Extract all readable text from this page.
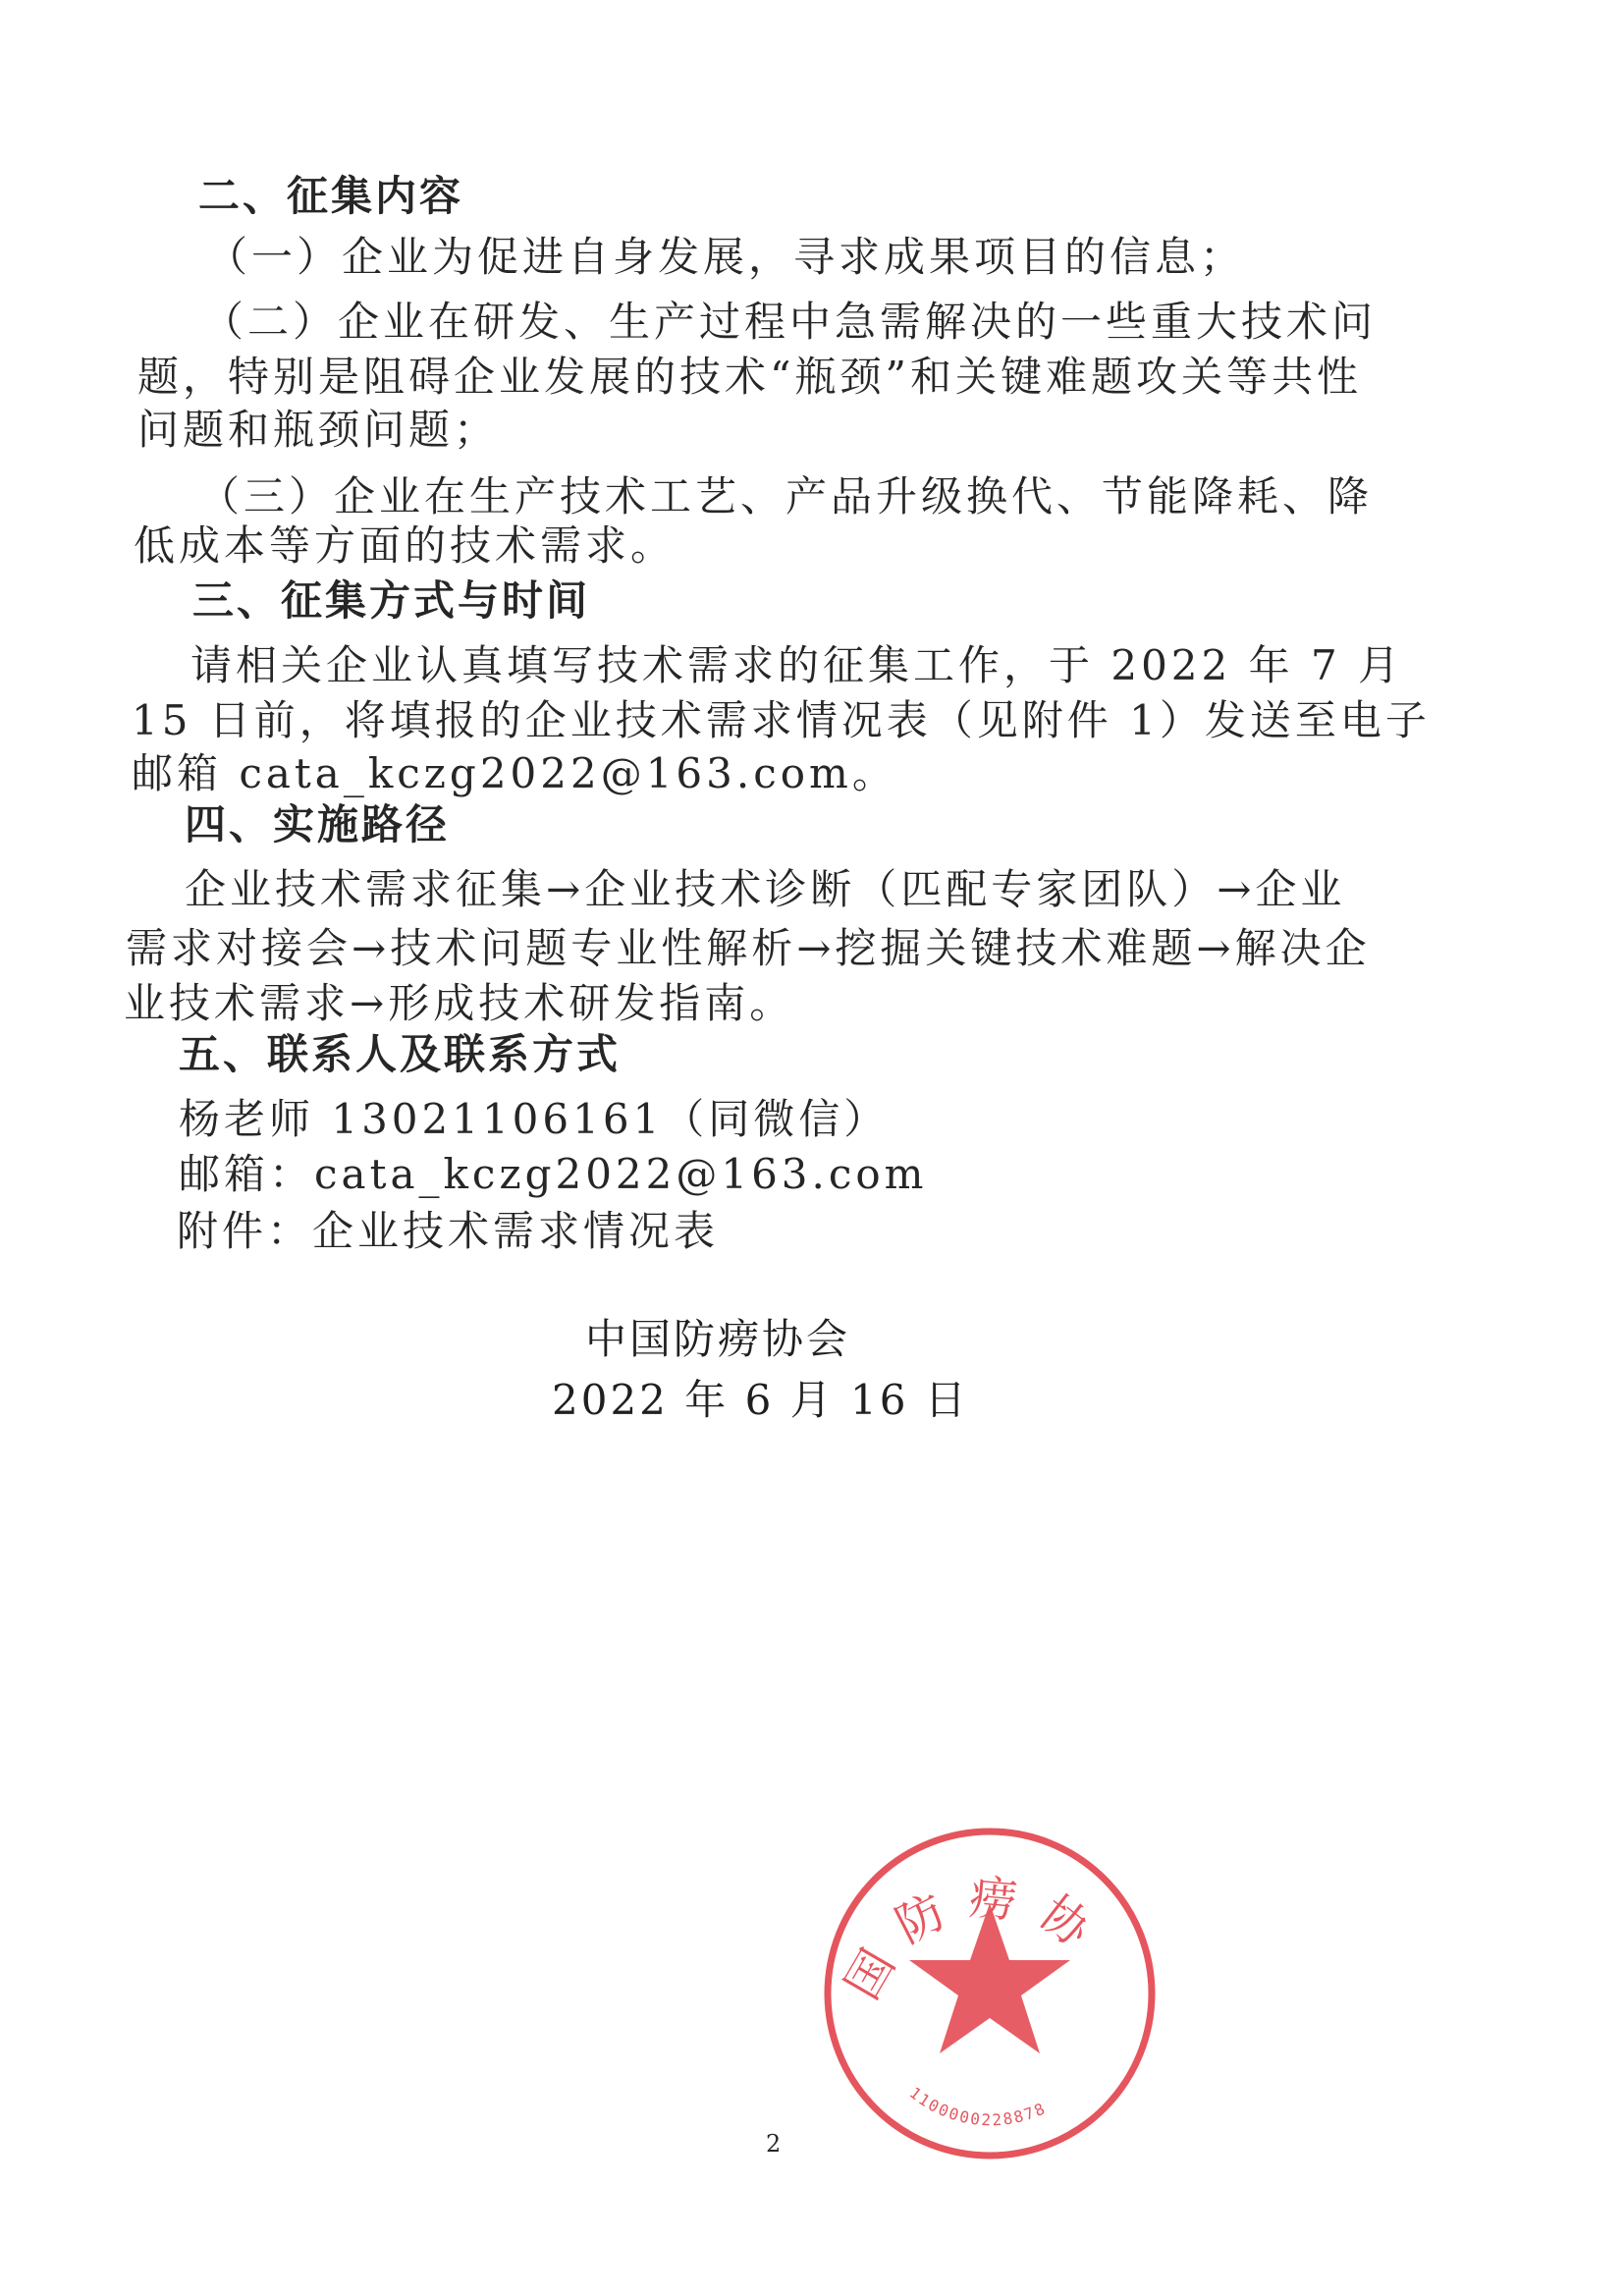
二、征集内容
（一）企业为促进自身发展，寻求成果项目的信息；
（二）企业在研发、生产过程中急需解决的一些重大技术问
题，特别是阻碍企业发展的技术“瓶颈”和关键难题攻关等共性
问题和瓶颈问题；
（三）企业在生产技术工艺、产品升级换代、节能降耗、降
低成本等方面的技术需求。
三、征集方式与时间
请相关企业认真填写技术需求的征集工作，于 2022 年 7 月
15 日前，将填报的企业技术需求情况表（见附件 1）发送至电子
邮箱 cata_kczg2022@163.com。
四、实施路径
企业技术需求征集→企业技术诊断（匹配专家团队）→企业
需求对接会→技术问题专业性解析→挖掘关键技术难题→解决企
业技术需求→形成技术研发指南。
五、联系人及联系方式
杨老师 13021106161（同微信）
邮箱：cata_kczg2022@163.com
附件：企业技术需求情况表
国防痨协
1100000228878
中国防痨协会
2022 年 6 月 16 日
2
